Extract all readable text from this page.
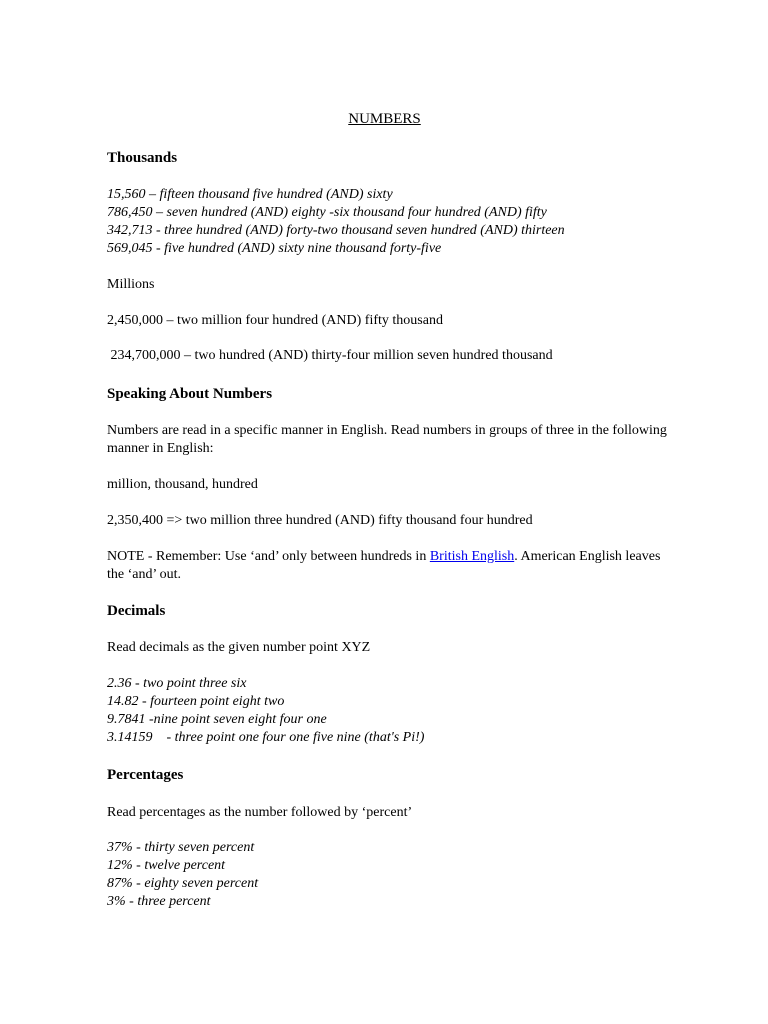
NUMBERS
Thousands
15,560 – fifteen thousand five hundred (AND) sixty
786,450 – seven hundred (AND) eighty -six thousand four hundred (AND) fifty
342,713 - three hundred (AND) forty-two thousand seven hundred (AND) thirteen
569,045 - five hundred (AND) sixty nine thousand forty-five
Millions
2,450,000 – two million four hundred (AND) fifty thousand
234,700,000 – two hundred (AND) thirty-four million seven hundred thousand
Speaking About Numbers
Numbers are read in a specific manner in English. Read numbers in groups of three in the following manner in English:
million, thousand, hundred
2,350,400 => two million three hundred (AND) fifty thousand four hundred
NOTE - Remember: Use ‘and’ only between hundreds in British English. American English leaves the ‘and’ out.
Decimals
Read decimals as the given number point XYZ
2.36 - two point three six
14.82 - fourteen point eight two
9.7841 -nine point seven eight four one
3.14159    - three point one four one five nine (that's Pi!)
Percentages
Read percentages as the number followed by ‘percent’
37% - thirty seven percent
12% - twelve percent
87% - eighty seven percent
3% - three percent
